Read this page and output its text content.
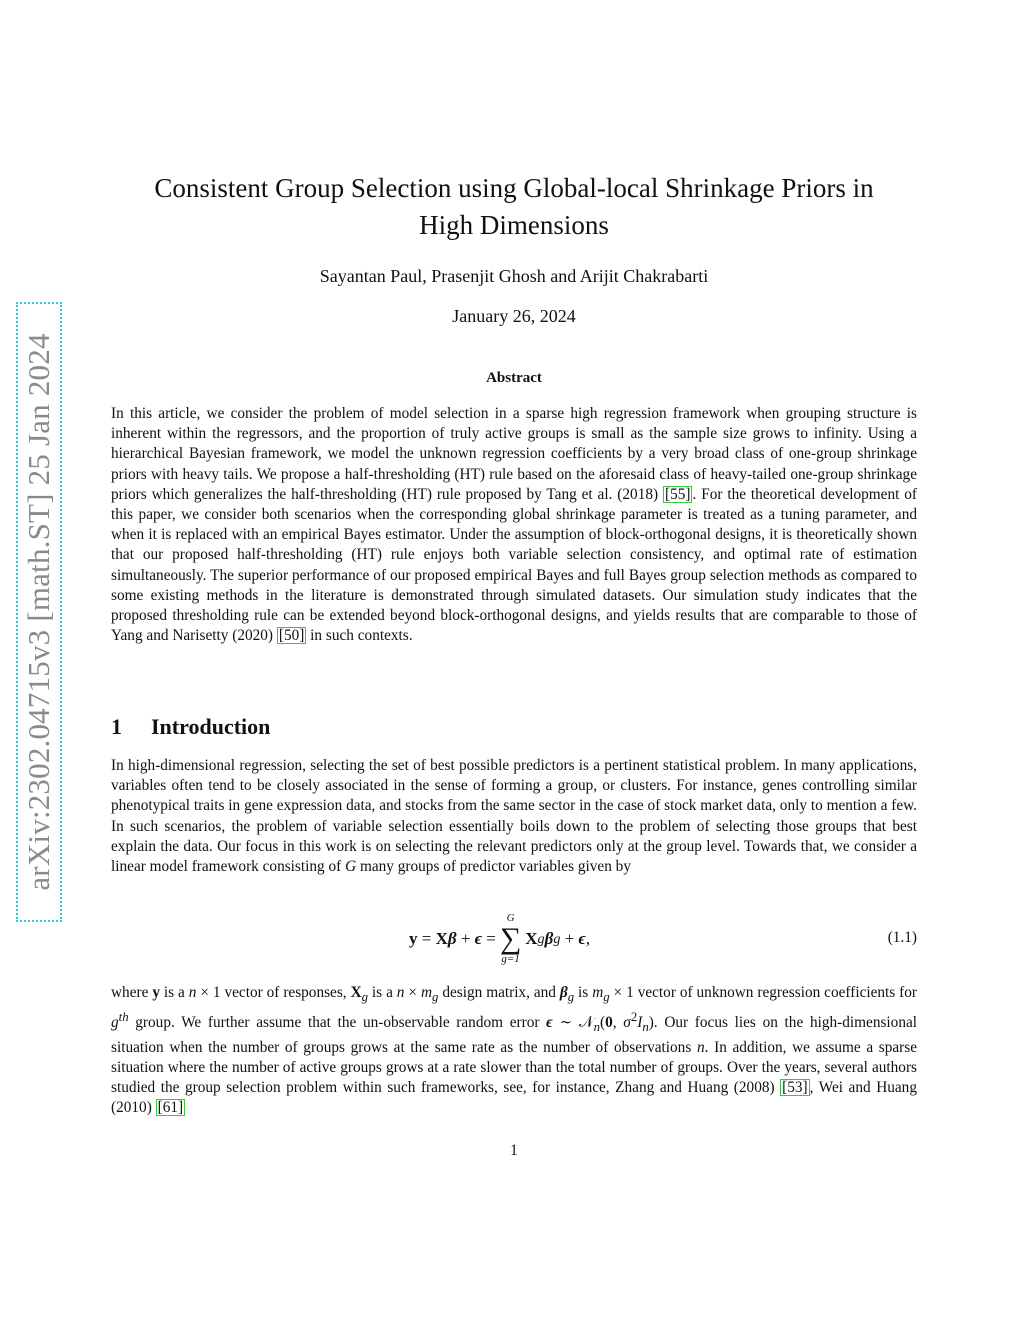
arXiv:2302.04715v3 [math.ST] 25 Jan 2024
Consistent Group Selection using Global-local Shrinkage Priors in
High Dimensions
Sayantan Paul, Prasenjit Ghosh and Arijit Chakrabarti
January 26, 2024
Abstract
In this article, we consider the problem of model selection in a sparse high regression framework when grouping structure is inherent within the regressors, and the proportion of truly active groups is small as the sample size grows to infinity. Using a hierarchical Bayesian framework, we model the unknown regression coefficients by a very broad class of one-group shrinkage priors with heavy tails. We propose a half-thresholding (HT) rule based on the aforesaid class of heavy-tailed one-group shrinkage priors which generalizes the half-thresholding (HT) rule proposed by Tang et al. (2018) [55] . For the theoretical development of this paper, we consider both scenarios when the corresponding global shrinkage parameter is treated as a tuning parameter, and when it is replaced with an empirical Bayes estimator. Under the assumption of block-orthogonal designs, it is theoretically shown that our proposed half-thresholding (HT) rule enjoys both variable selection consistency, and optimal rate of estimation simultaneously. The superior performance of our proposed empirical Bayes and full Bayes group selection methods as compared to some existing methods in the literature is demonstrated through simulated datasets. Our simulation study indicates that the proposed thresholding rule can be extended beyond block-orthogonal designs, and yields results that are comparable to those of Yang and Narisetty (2020) [50] in such contexts.
1 Introduction
In high-dimensional regression, selecting the set of best possible predictors is a pertinent statistical problem. In many applications, variables often tend to be closely associated in the sense of forming a group, or clusters. For instance, genes controlling similar phenotypical traits in gene expression data, and stocks from the same sector in the case of stock market data, only to mention a few. In such scenarios, the problem of variable selection essentially boils down to the problem of selecting those groups that best explain the data. Our focus in this work is on selecting the relevant predictors only at the group level. Towards that, we consider a linear model framework consisting of G many groups of predictor variables given by
y = X β + ϵ =
G
∑
g=1
X g β g + ϵ ,	(1.1)
where y is a n × 1 vector of responses, $X_g$ is a $n \times m_g$ design matrix, and $\beta_g$ is $m_g \times 1$ vector of unknown regression coefficients for $g^{th}$ group. We further assume that the un-observable random error ϵ ∼ 𝒩$_n$(0, $\sigma^2I_n$). Our focus lies on the high-dimensional situation when the number of groups grows at the same rate as the number of observations n. In addition, we assume a sparse situation where the number of active groups grows at a rate slower than the total number of groups. Over the years, several authors studied the group selection problem within such frameworks, see, for instance, Zhang and Huang (2008) [53] , Wei and Huang (2010) [61]
1
